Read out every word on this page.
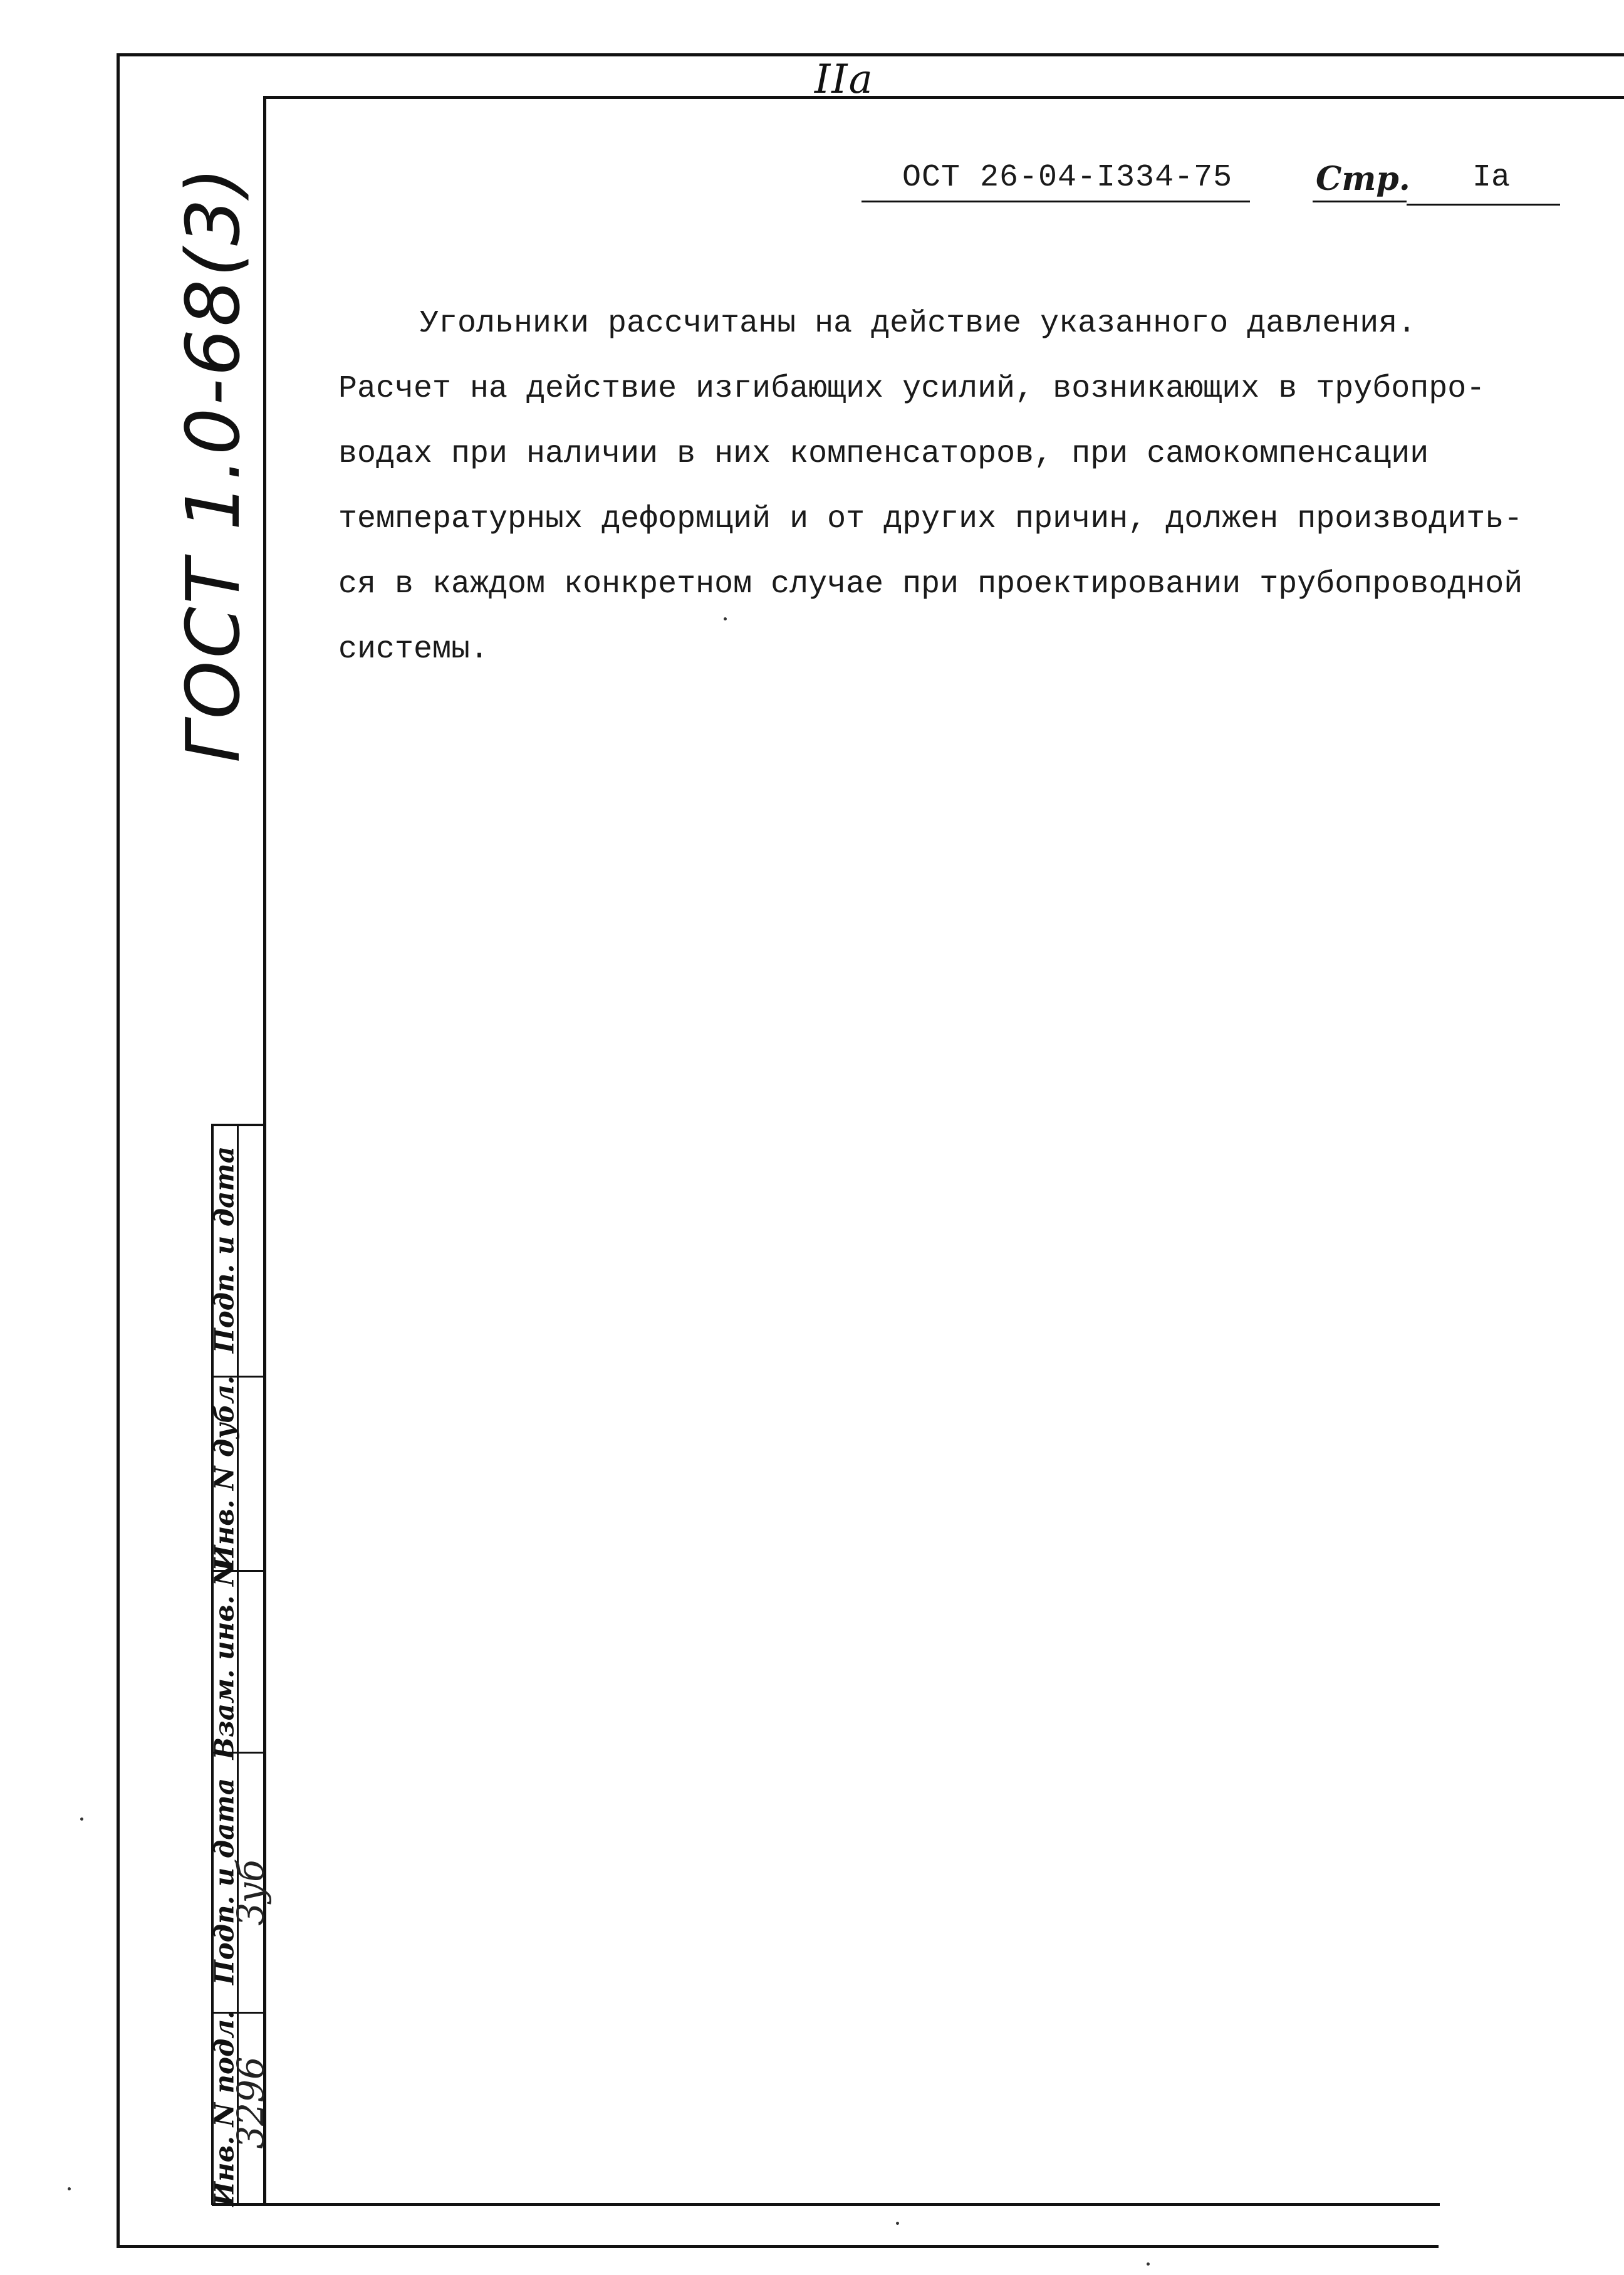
IIa
ОСТ 26-04-I334-75	Стр. Ia
ГОСТ 1.0-68(3)	Угольники рассчитаны на действие указанного давления.
Расчет на действие изгибающих усилий, возникающих в трубопро-
водах при наличии в них компенсаторов, при самокомпенсации
температурных деформций и от других причин, должен производить-
ся в каждом конкретном случае при проектировании трубопроводной
системы.
Подп. и дата
Инв. N дубл.
Взам. инв. N
Подп. и дата
Инв. N подл.
Зуб
3296
